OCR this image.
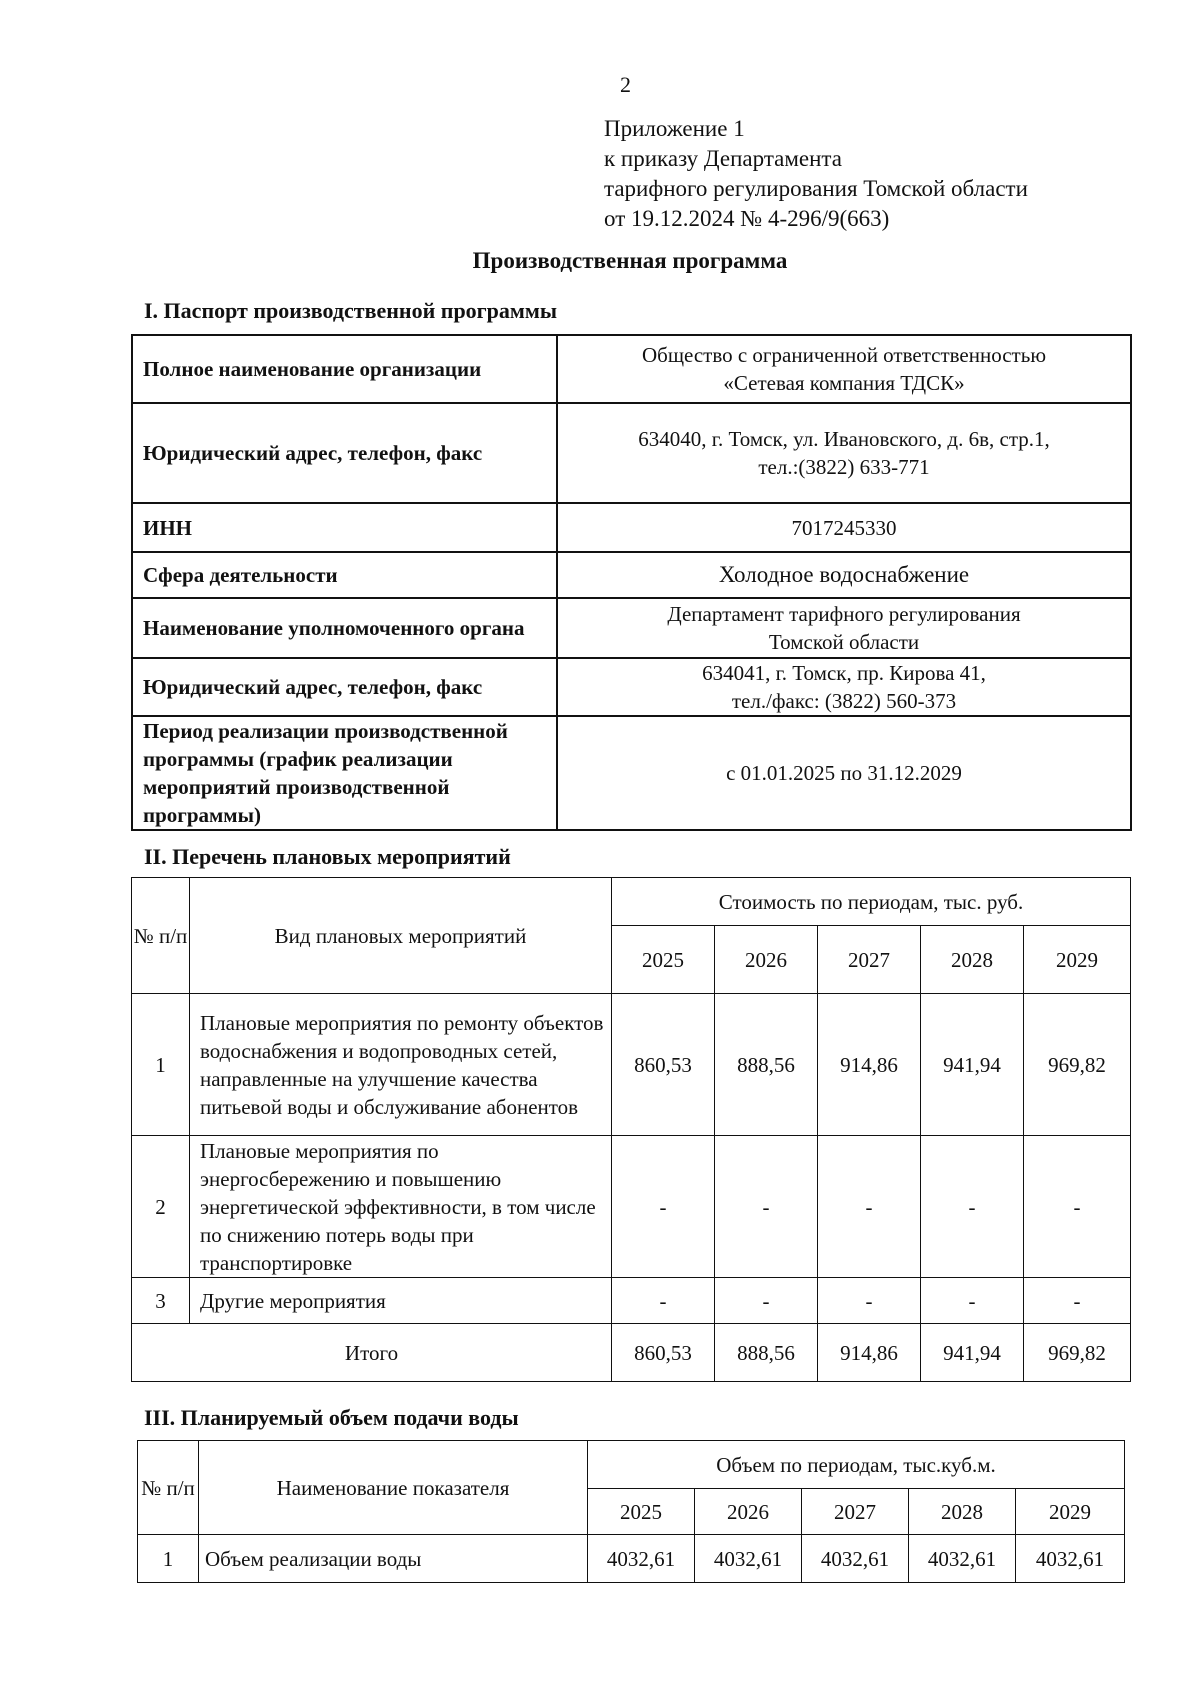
2
Приложение 1
к приказу Департамента
тарифного регулирования Томской области
от 19.12.2024 № 4-296/9(663)
Производственная программа
I. Паспорт производственной программы
Полное наименование организации	Общество с ограниченной ответственностью
«Сетевая компания ТДСК»

Юридический адрес, телефон, факс	634040, г. Томск, ул. Ивановского, д. 6в, стр.1,
тел.:(3822) 633-771

ИНН	7017245330
Сфера деятельности	Холодное водоснабжение
Наименование уполномоченного органа	Департамент тарифного регулирования
Томской области

Юридический адрес, телефон, факс	634041, г. Томск, пр. Кирова 41,
тел./факс: (3822) 560-373

Период реализации производственной программы (график реализации мероприятий производственной программы)	с 01.01.2025 по 31.12.2029
II. Перечень плановых мероприятий
№ п/п	Вид плановых мероприятий	Стоимость по периодам, тыс. руб.				
		2025	2026	2027	2028	2029
1	Плановые мероприятия по ремонту объектов водоснабжения и водопроводных сетей, направленные на улучшение качества питьевой воды и обслуживание абонентов	860,53	888,56	914,86	941,94	969,82
2	Плановые мероприятия по энергосбережению и повышению энергетической эффективности, в том числе по снижению потерь воды при транспортировке	-	-	-	-	-
3	Другие мероприятия	-	-	-	-	-
Итого		860,53	888,56	914,86	941,94	969,82
III. Планируемый объем подачи воды
№ п/п	Наименование показателя	Объем по периодам, тыс.куб.м.				
		2025	2026	2027	2028	2029
1	Объем реализации воды	4032,61	4032,61	4032,61	4032,61	4032,61
